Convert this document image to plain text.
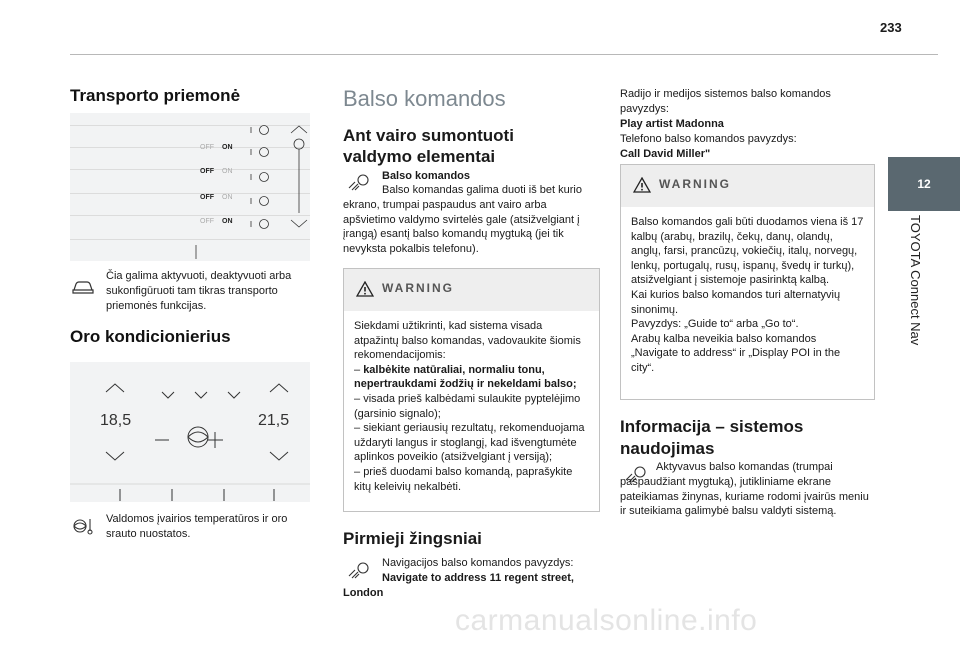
233
12
TOYOTA Connect Nav
Transporto priemonė
OFF ON
OFF ON
OFF ON
OFF ON

Čia galima aktyvuoti, deaktyvuoti arba sukonfigūruoti tam tikras transporto priemonės funkcijas.

Oro kondicionierius
18,5	21,5

Valdomos įvairios temperatūros ir oro srauto nuostatos.

Balso komandos
Ant vairo sumontuoti valdymo elementai

Balso komandos

Balso komandas galima duoti iš bet kurio ekrano, trumpai paspaudus ant vairo arba apšvietimo valdymo svirtelės gale (atsižvelgiant į įrangą) esantį balso komandų mygtuką (jei tik nevyksta pokalbis telefonu).

WARNING
Siekdami užtikrinti, kad sistema visada atpažintų balso komandas, vadovaukite šiomis rekomendacijomis:
– kalbėkite natūraliai, normaliu tonu, nepertraukdami žodžių ir nekeldami balso;
– visada prieš kalbėdami sulaukite pyptelėjimo (garsinio signalo);
– siekiant geriausių rezultatų, rekomenduojama uždaryti langus ir stoglangį, kad išvengtumėte aplinkos poveikio (atsižvelgiant į versiją);
– prieš duodami balso komandą, paprašykite kitų keleivių nekalbėti.
Pirmieji žingsniai

Navigacijos balso komandos pavyzdys:

Navigate to address 11 regent street, London

Radijo ir medijos sistemos balso komandos pavyzdys:

Play artist Madonna

Telefono balso komandos pavyzdys:

Call David Miller"

WARNING
Balso komandos gali būti duodamos viena iš 17 kalbų (arabų, brazilų, čekų, danų, olandų, anglų, farsi, prancūzų, vokiečių, italų, norvegų, lenkų, portugalų, rusų, ispanų, švedų ir turkų), atsižvelgiant į sistemoje pasirinktą kalbą.
Kai kurios balso komandos turi alternatyvių sinonimų.
Pavyzdys: „Guide to“ arba „Go to“.
Arabų kalba neveikia balso komandos „Navigate to address“ ir „Display POI in the city“.
Informacija – sistemos naudojimas

Aktyvavus balso komandas (trumpai paspaudžiant mygtuką), jutikliniame ekrane pateikiamas žinynas, kuriame rodomi įvairūs meniu ir suteikiama galimybė balsu valdyti sistemą.

carmanualsonline.info
